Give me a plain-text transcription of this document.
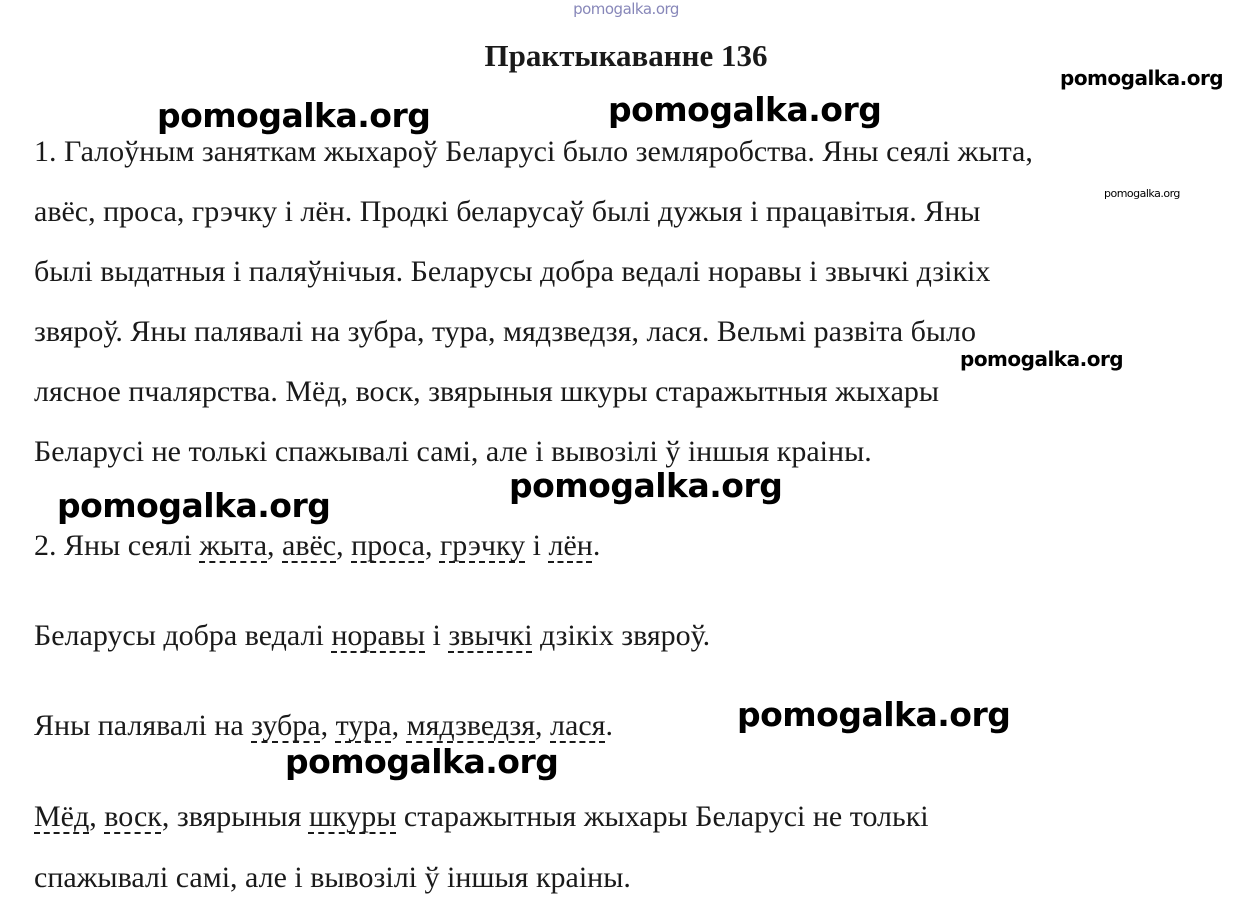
pomogalka.org
Практыкаванне 136
pomogalka.org
pomogalka.org	pomogalka.org
pomogalka.org
pomogalka.org
pomogalka.org
pomogalka.org
pomogalka.org
pomogalka.org
1. Галоўным заняткам жыхароў Беларусі было земляробства. Яны сеялі жыта,
авёс, проса, грэчку і лён. Продкі беларусаў былі дужыя і працавітыя. Яны
былі выдатныя і паляўнічыя. Беларусы добра ведалі норавы і звычкі дзікіх
звяроў. Яны палявалі на зубра, тура, мядзведзя, лася. Вельмі развіта было
лясное пчалярства. Мёд, воск, звярыныя шкуры старажытныя жыхары
Беларусі не толькі спажывалі самі, але і вывозілі ў іншыя краіны.
2. Яны сеялі жыта, авёс, проса, грэчку і лён.
Беларусы добра ведалі норавы і звычкі дзікіх звяроў.
Яны палявалі на зубра, тура, мядзведзя, лася.
Мёд, воск, звярыныя шкуры старажытныя жыхары Беларусі не толькі
спажывалі самі, але і вывозілі ў іншыя краіны.
